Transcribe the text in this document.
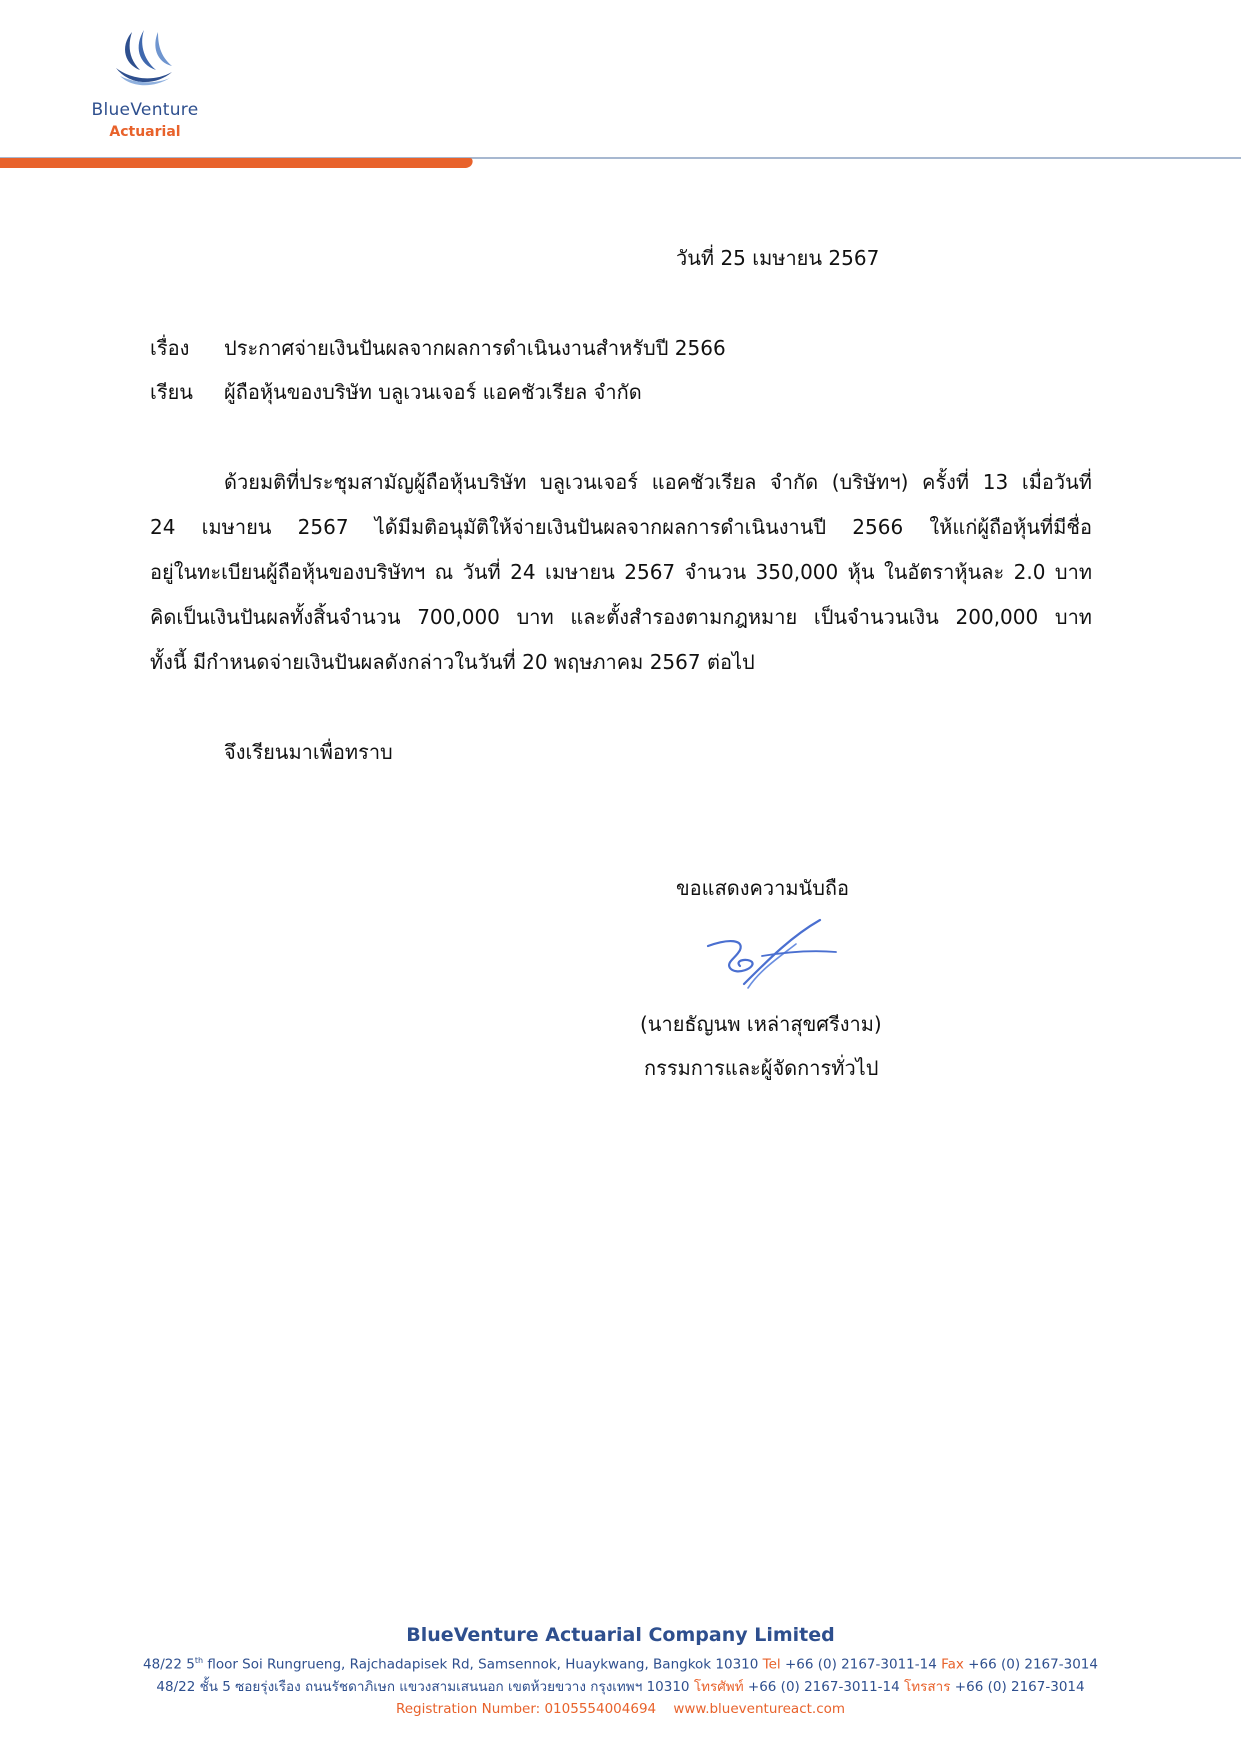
BlueVenture
Actuarial
วันที่ 25 เมษายน 2567
เรื่อง ประกาศจ่ายเงินปันผลจากผลการดำเนินงานสำหรับปี 2566
เรียน ผู้ถือหุ้นของบริษัท บลูเวนเจอร์ แอคชัวเรียล จำกัด
ด้วยมติที่ประชุมสามัญผู้ถือหุ้นบริษัท บลูเวนเจอร์ แอคชัวเรียล จำกัด (บริษัทฯ) ครั้งที่ 13 เมื่อวันที่
24 เมษายน 2567 ได้มีมติอนุมัติให้จ่ายเงินปันผลจากผลการดำเนินงานปี 2566 ให้แก่ผู้ถือหุ้นที่มีชื่อ
อยู่ในทะเบียนผู้ถือหุ้นของบริษัทฯ ณ วันที่ 24 เมษายน 2567 จำนวน 350,000 หุ้น ในอัตราหุ้นละ 2.0 บาท
คิดเป็นเงินปันผลทั้งสิ้นจำนวน 700,000 บาท และตั้งสำรองตามกฎหมาย เป็นจำนวนเงิน 200,000 บาท
ทั้งนี้ มีกำหนดจ่ายเงินปันผลดังกล่าวในวันที่ 20 พฤษภาคม 2567 ต่อไป
จึงเรียนมาเพื่อทราบ
ขอแสดงความนับถือ
(นายธัญนพ เหล่าสุขศรีงาม)
กรรมการและผู้จัดการทั่วไป
BlueVenture Actuarial Company Limited
48/22 5th floor Soi Rungrueng, Rajchadapisek Rd, Samsennok, Huaykwang, Bangkok 10310 Tel +66 (0) 2167-3011-14 Fax +66 (0) 2167-3014
48/22 ชั้น 5 ซอยรุ่งเรือง ถนนรัชดาภิเษก แขวงสามเสนนอก เขตห้วยขวาง กรุงเทพฯ 10310 โทรศัพท์ +66 (0) 2167-3011-14 โทรสาร +66 (0) 2167-3014
Registration Number: 0105554004694 www.blueventureact.com
